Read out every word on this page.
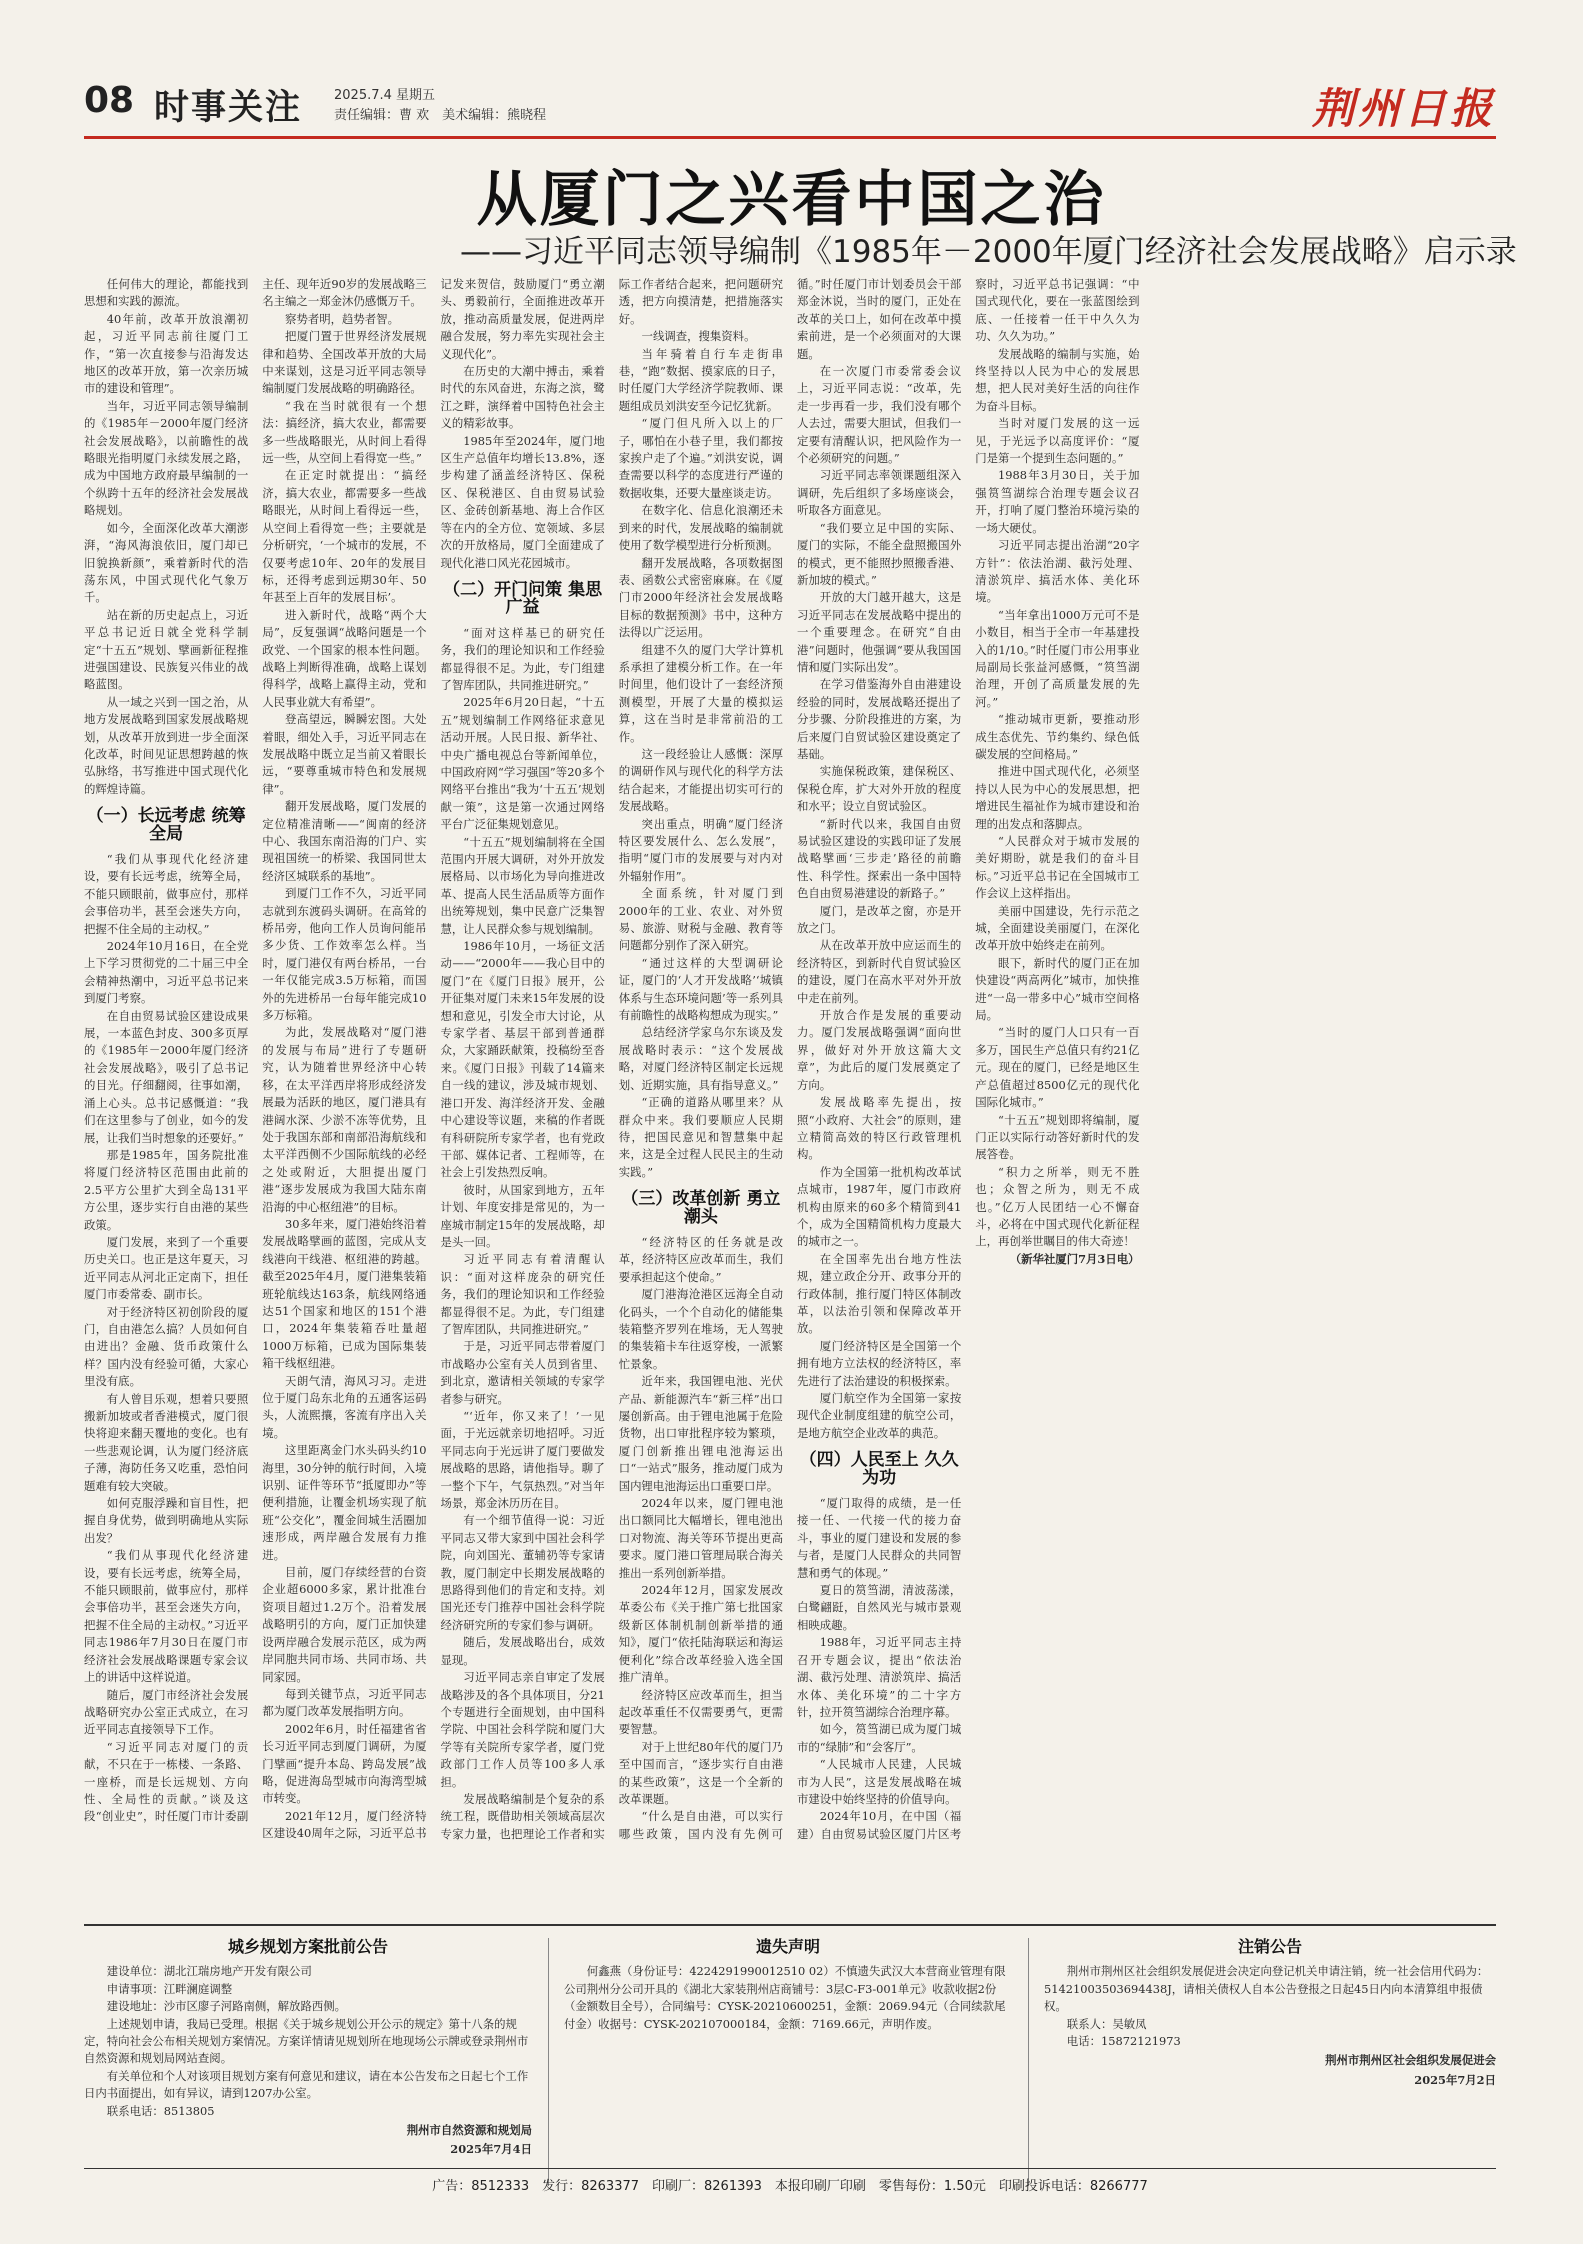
08 时事关注 2025.7.4 星期五
责任编辑：曹 欢　美术编辑：熊晓程	荆州日报
从厦门之兴看中国之治
——习近平同志领导编制《1985年－2000年厦门经济社会发展战略》启示录

任何伟大的理论，都能找到思想和实践的源流。

40年前，改革开放浪潮初起，习近平同志前往厦门工作，“第一次直接参与沿海发达地区的改革开放，第一次亲历城市的建设和管理”。

当年，习近平同志领导编制的《1985年－2000年厦门经济社会发展战略》，以前瞻性的战略眼光指明厦门永续发展之路，成为中国地方政府最早编制的一个纵跨十五年的经济社会发展战略规划。

如今，全面深化改革大潮澎湃，“海风海浪依旧，厦门却已旧貌换新颜”，乘着新时代的浩荡东风，中国式现代化气象万千。

站在新的历史起点上，习近平总书记近日就全党科学制定“十五五”规划、擘画新征程推进强国建设、民族复兴伟业的战略蓝图。

从一域之兴到一国之治，从地方发展战略到国家发展战略规划，从改革开放到进一步全面深化改革，时间见证思想跨越的恢弘脉络，书写推进中国式现代化的辉煌诗篇。

（一）长远考虑 统筹全局

“我们从事现代化经济建设，要有长远考虑，统筹全局，不能只顾眼前，做事应付，那样会事倍功半，甚至会迷失方向，把握不住全局的主动权。”

2024年10月16日，在全党上下学习贯彻党的二十届三中全会精神热潮中，习近平总书记来到厦门考察。

在自由贸易试验区建设成果展，一本蓝色封皮、300多页厚的《1985年－2000年厦门经济社会发展战略》，吸引了总书记的目光。仔细翻阅，往事如潮，涌上心头。总书记感慨道：“我们在这里参与了创业，如今的发展，让我们当时想象的还要好。”

那是1985年，国务院批准将厦门经济特区范围由此前的2.5平方公里扩大到全岛131平方公里，逐步实行自由港的某些政策。

厦门发展，来到了一个重要历史关口。也正是这年夏天，习近平同志从河北正定南下，担任厦门市委常委、副市长。

对于经济特区初创阶段的厦门，自由港怎么搞？人员如何自由进出？金融、货币政策什么样？国内没有经验可循，大家心里没有底。

有人曾目乐观，想着只要照搬新加坡或者香港模式，厦门很快将迎来翻天覆地的变化。也有一些悲观论调，认为厦门经济底子薄，海防任务又吃重，恐怕问题难有较大突破。

如何克服浮躁和盲目性，把握自身优势，做到明确地从实际出发？

“我们从事现代化经济建设，要有长远考虑，统筹全局，不能只顾眼前，做事应付，那样会事倍功半，甚至会迷失方向，把握不住全局的主动权。”习近平同志1986年7月30日在厦门市经济社会发展战略课题专家会议上的讲话中这样说道。

随后，厦门市经济社会发展战略研究办公室正式成立，在习近平同志直接领导下工作。

“习近平同志对厦门的贡献，不只在于一栋楼、一条路、一座桥，而是长远规划、方向性、全局性的贡献。”谈及这段“创业史”，时任厦门市计委副主任、现年近90岁的发展战略三名主编之一郑金沐仍感慨万千。

察势者明，趋势者智。

把厦门置于世界经济发展规律和趋势、全国改革开放的大局中来谋划，这是习近平同志领导编制厦门发展战略的明确路径。

“我在当时就很有一个想法：搞经济，搞大农业，都需要多一些战略眼光，从时间上看得远一些，从空间上看得宽一些。”

在正定时就提出：“搞经济，搞大农业，都需要多一些战略眼光，从时间上看得远一些，从空间上看得宽一些；主要就是分析研究，‘一个城市的发展，不仅要考虑10年、20年的发展目标，还得考虑到远期30年、50年甚至上百年的发展目标’。

进入新时代，战略“两个大局”，反复强调“战略问题是一个政党、一个国家的根本性问题。战略上判断得准确，战略上谋划得科学，战略上赢得主动，党和人民事业就大有希望”。

登高望远，瞬瞬宏图。大处着眼，细处入手，习近平同志在发展战略中既立足当前又着眼长远，“要尊重城市特色和发展规律”。

翻开发展战略，厦门发展的定位精准清晰——“闽南的经济中心、我国东南沿海的门户、实现祖国统一的桥梁、我国同世太经济区城联系的基地”。

到厦门工作不久，习近平同志就到东渡码头调研。在高耸的桥吊旁，他向工作人员询问能吊多少货、工作效率怎么样。当时，厦门港仅有两台桥吊，一台一年仅能完成3.5万标箱，而国外的先进桥吊一台每年能完成10多万标箱。

为此，发展战略对“厦门港的发展与布局”进行了专题研究，认为随着世界经济中心转移，在太平洋西岸将形成经济发展最为活跃的地区，厦门港具有港阔水深、少淤不冻等优势，且处于我国东部和南部沿海航线和太平洋西侧不少国际航线的必经之处或附近，大胆提出厦门港“逐步发展成为我国大陆东南沿海的中心枢纽港”的目标。

30多年来，厦门港始终沿着发展战略擘画的蓝图，完成从支线港向干线港、枢纽港的跨越。截至2025年4月，厦门港集装箱班轮航线达163条，航线网络通达51个国家和地区的151个港口，2024年集装箱吞吐量超1000万标箱，已成为国际集装箱干线枢纽港。

天朗气清，海风习习。走进位于厦门岛东北角的五通客运码头，人流熙攘，客流有序出入关境。

这里距离金门水头码头约10海里，30分钟的航行时间，入境识别、证件等环节“抵厦即办”等便利措施，让覆金机场实现了航班“公交化”，覆金间城生活圈加速形成，两岸融合发展有力推进。

目前，厦门存续经营的台资企业超6000多家，累计批准台资项目超过1.2万个。沿着发展战略明引的方向，厦门正加快建设两岸融合发展示范区，成为两岸同胞共同市场、共同市场、共同家园。

每到关键节点，习近平同志都为厦门改革发展指明方向。

2002年6月，时任福建省省长习近平同志到厦门调研，为厦门擘画“提升本岛、跨岛发展”战略，促进海岛型城市向海湾型城市转变。

2021年12月，厦门经济特区建设40周年之际，习近平总书记发来贺信，鼓励厦门“勇立潮头、勇毅前行，全面推进改革开放，推动高质量发展，促进两岸融合发展，努力率先实现社会主义现代化”。

在历史的大潮中搏击，乘着时代的东风奋进，东海之滨，鹭江之畔，演绎着中国特色社会主义的精彩故事。

1985年至2024年，厦门地区生产总值年均增长13.8%，逐步构建了涵盖经济特区、保税区、保税港区、自由贸易试验区、金砖创新基地、海上合作区等在内的全方位、宽领域、多层次的开放格局，厦门全面建成了现代化港口风光花园城市。

（二）开门问策 集思广益

“面对这样基已的研究任务，我们的理论知识和工作经验都显得很不足。为此，专门组建了智库团队，共同推进研究。”

2025年6月20日起，“十五五”规划编制工作网络征求意见活动开展。人民日报、新华社、中央广播电视总台等新闻单位，中国政府网“学习强国”等20多个网络平台推出“我为‘十五五’规划献一策”，这是第一次通过网络平台广泛征集规划意见。

“十五五”规划编制将在全国范围内开展大调研，对外开放发展格局、以市场化为导向推进改革、提高人民生活品质等方面作出统筹规划，集中民意广泛集智慧，让人民群众参与规划编制。

1986年10月，一场征文活动——“2000年——我心目中的厦门”在《厦门日报》展开，公开征集对厦门未来15年发展的设想和意见，引发全市大讨论，从专家学者、基层干部到普通群众，大家踊跃献策，投稿纷至沓来。《厦门日报》刊载了14篇来自一线的建议，涉及城市规划、港口开发、海洋经济开发、金融中心建设等议题，来稿的作者既有科研院所专家学者，也有党政干部、媒体记者、工程师等，在社会上引发热烈反响。

彼时，从国家到地方，五年计划、年度安排是常见的，为一座城市制定15年的发展战略，却是头一回。

习近平同志有着清醒认识：“面对这样庞杂的研究任务，我们的理论知识和工作经验都显得很不足。为此，专门组建了智库团队，共同推进研究。”

于是，习近平同志带着厦门市战略办公室有关人员到省里、到北京，邀请相关领域的专家学者参与研究。

“‘近年，你又来了！’一见面，于光远就亲切地招呼。习近平同志向于光远讲了厦门要做发展战略的思路，请他指导。聊了一整个下午，气氛热烈。”对当年场景，郑金沐历历在目。

有一个细节值得一说：习近平同志又带大家到中国社会科学院，向刘国光、董辅礽等专家请教，厦门制定中长期发展战略的思路得到他们的肯定和支持。刘国光还专门推荐中国社会科学院经济研究所的专家们参与调研。

随后，发展战略出台，成效显现。

习近平同志亲自审定了发展战略涉及的各个具体项目，分21个专题进行全面规划，由中国科学院、中国社会科学院和厦门大学等有关院所专家学者，厦门党政部门工作人员等100多人承担。

发展战略编制是个复杂的系统工程，既借助相关领域高层次专家力量，也把理论工作者和实际工作者结合起来，把问题研究透，把方向摸清楚，把措施落实好。

一线调查，搜集资料。

当年骑着自行车走街串巷，“跑”数据、摸家底的日子，时任厦门大学经济学院教师、课题组成员刘洪安至今记忆犹新。

“厦门但凡所入以上的厂子，哪怕在小巷子里，我们都按家挨户走了个遍。”刘洪安说，调查需要以科学的态度进行严谨的数据收集，还要大量座谈走访。

在数字化、信息化浪潮还未到来的时代，发展战略的编制就使用了数学模型进行分析预测。

翻开发展战略，各项数据图表、函数公式密密麻麻。在《厦门市2000年经济社会发展战略目标的数据预测》书中，这种方法得以广泛运用。

组建不久的厦门大学计算机系承担了建模分析工作。在一年时间里，他们设计了一套经济预测模型，开展了大量的模拟运算，这在当时是非常前沿的工作。

这一段经验让人感慨：深厚的调研作风与现代化的科学方法结合起来，才能提出切实可行的发展战略。

突出重点，明确“厦门经济特区要发展什么、怎么发展”，指明“厦门市的发展要与对内对外辐射作用”。

全面系统，针对厦门到2000年的工业、农业、对外贸易、旅游、财税与金融、教育等问题都分别作了深入研究。

“通过这样的大型调研论证，厦门的‘人才开发战略’‘城镇体系与生态环境问题’等一系列具有前瞻性的战略构想成为现实。”

总结经济学家乌尔东谈及发展战略时表示：“这个发展战略，对厦门经济特区制定长远规划、近期实施，具有指导意义。”

“正确的道路从哪里来？从群众中来。我们要顺应人民期待，把国民意见和智慧集中起来，这是全过程人民民主的生动实践。”

（三）改革创新 勇立潮头

“经济特区的任务就是改革，经济特区应改革而生，我们要承担起这个使命。”

厦门港海沧港区远海全自动化码头，一个个自动化的储能集装箱整齐罗列在堆场，无人驾驶的集装箱卡车往返穿梭，一派繁忙景象。

近年来，我国锂电池、光伏产品、新能源汽车“新三样”出口屡创新高。由于锂电池属于危险货物，出口审批程序较为繁琐，厦门创新推出锂电池海运出口“一站式”服务，推动厦门成为国内锂电池海运出口重要口岸。

2024年以来，厦门锂电池出口额同比大幅增长，锂电池出口对物流、海关等环节提出更高要求。厦门港口管理局联合海关推出一系列创新举措。

2024年12月，国家发展改革委公布《关于推广第七批国家级新区体制机制创新举措的通知》，厦门“依托陆海联运和海运便利化”综合改革经验入选全国推广清单。

经济特区应改革而生，担当起改革重任不仅需要勇气，更需要智慧。

对于上世纪80年代的厦门乃至中国而言，“逐步实行自由港的某些政策”，这是一个全新的改革课题。

“什么是自由港，可以实行哪些政策，国内没有先例可循。”时任厦门市计划委员会干部郑金沐说，当时的厦门，正处在改革的关口上，如何在改革中摸索前进，是一个必须面对的大课题。

在一次厦门市委常委会议上，习近平同志说：“改革，先走一步再看一步，我们没有哪个人去过，需要大胆试，但我们一定要有清醒认识，把风险作为一个必须研究的问题。”

习近平同志率领课题组深入调研，先后组织了多场座谈会，听取各方面意见。

“我们要立足中国的实际、厦门的实际，不能全盘照搬国外的模式，更不能照抄照搬香港、新加坡的模式。”

开放的大门越开越大，这是习近平同志在发展战略中提出的一个重要理念。在研究“自由港”问题时，他强调“要从我国国情和厦门实际出发”。

在学习借鉴海外自由港建设经验的同时，发展战略还提出了分步骤、分阶段推进的方案，为后来厦门自贸试验区建设奠定了基础。

实施保税政策，建保税区、保税仓库，扩大对外开放的程度和水平；设立自贸试验区。

“新时代以来，我国自由贸易试验区建设的实践印证了发展战略擘画‘三步走’路径的前瞻性、科学性。探索出一条中国特色自由贸易港建设的新路子。”

厦门，是改革之窗，亦是开放之门。

从在改革开放中应运而生的经济特区，到新时代自贸试验区的建设，厦门在高水平对外开放中走在前列。

开放合作是发展的重要动力。厦门发展战略强调“面向世界，做好对外开放这篇大文章”，为此后的厦门发展奠定了方向。

发展战略率先提出，按照“小政府、大社会”的原则，建立精简高效的特区行政管理机构。

作为全国第一批机构改革试点城市，1987年，厦门市政府机构由原来的60多个精简到41个，成为全国精简机构力度最大的城市之一。

在全国率先出台地方性法规，建立政企分开、政事分开的行政体制，推行厦门特区体制改革，以法治引领和保障改革开放。

厦门经济特区是全国第一个拥有地方立法权的经济特区，率先进行了法治建设的积极探索。

厦门航空作为全国第一家按现代企业制度组建的航空公司，是地方航空企业改革的典范。

（四）人民至上 久久为功

“厦门取得的成绩，是一任接一任、一代接一代的接力奋斗，事业的厦门建设和发展的参与者，是厦门人民群众的共同智慧和勇气的体现。”

夏日的筼筜湖，清波荡漾，白鹭翩跹，自然风光与城市景观相映成趣。

1988年，习近平同志主持召开专题会议，提出“依法治湖、截污处理、清淤筑岸、搞活水体、美化环境”的二十字方针，拉开筼筜湖综合治理序幕。

如今，筼筜湖已成为厦门城市的“绿肺”和“会客厅”。

“人民城市人民建，人民城市为人民”，这是发展战略在城市建设中始终坚持的价值导向。

2024年10月，在中国（福建）自由贸易试验区厦门片区考察时，习近平总书记强调：“中国式现代化，要在一张蓝图绘到底、一任接着一任干中久久为功、久久为功。”

发展战略的编制与实施，始终坚持以人民为中心的发展思想，把人民对美好生活的向往作为奋斗目标。

当时对厦门发展的这一远见，于光远予以高度评价：“厦门是第一个提到生态问题的。”

1988年3月30日，关于加强筼筜湖综合治理专题会议召开，打响了厦门整治环境污染的一场大硬仗。

习近平同志提出治湖“20字方针”：依法治湖、截污处理、清淤筑岸、搞活水体、美化环境。

“当年拿出1000万元可不是小数目，相当于全市一年基建投入的1/10。”时任厦门市公用事业局副局长张益河感慨，“筼筜湖治理，开创了高质量发展的先河。”

“推动城市更新，要推动形成生态优先、节约集约、绿色低碳发展的空间格局。”

推进中国式现代化，必须坚持以人民为中心的发展思想，把增进民生福祉作为城市建设和治理的出发点和落脚点。

“人民群众对于城市发展的美好期盼，就是我们的奋斗目标。”习近平总书记在全国城市工作会议上这样指出。

美丽中国建设，先行示范之城，全面建设美丽厦门，在深化改革开放中始终走在前列。

眼下，新时代的厦门正在加快建设“两高两化”城市，加快推进“一岛一带多中心”城市空间格局。

“当时的厦门人口只有一百多万，国民生产总值只有约21亿元。现在的厦门，已经是地区生产总值超过8500亿元的现代化国际化城市。”

“十五五”规划即将编制，厦门正以实际行动答好新时代的发展答卷。

“积力之所举，则无不胜也；众智之所为，则无不成也。”亿万人民团结一心不懈奋斗，必将在中国式现代化新征程上，再创举世瞩目的伟大奇迹！

（新华社厦门7月3日电）

城乡规划方案批前公告

建设单位：湖北江瑞房地产开发有限公司

申请事项：江畔澜庭调整

建设地址：沙市区廖子河路南侧，解放路西侧。

上述规划申请，我局已受理。根据《关于城乡规划公开公示的规定》第十八条的规定，特向社会公布相关规划方案情况。方案详情请见规划所在地现场公示牌或登录荆州市自然资源和规划局网站查阅。

有关单位和个人对该项目规划方案有何意见和建议，请在本公告发布之日起七个工作日内书面提出，如有异议，请到1207办公室。

联系电话：8513805

荆州市自然资源和规划局

2025年7月4日

遗失声明

何鑫燕（身份证号：4224291990012510 02）不慎遗失武汉大本营商业管理有限公司荆州分公司开具的《湖北大家装荆州店商铺号：3层C-F3-001单元》收款收据2份（金额数目全号），合同编号：CYSK-20210600251，金额：2069.94元（合同续款尾付金）收据号：CYSK-202107000184，金额：7169.66元，声明作废。

注销公告

荆州市荆州区社会组织发展促进会决定向登记机关申请注销，统一社会信用代码为：51421003503694438J，请相关债权人自本公告登报之日起45日内向本清算组申报债权。

联系人：吴敏凤

电话：15872121973

荆州市荆州区社会组织发展促进会

2025年7月2日

广告：8512333　发行：8263377　印刷厂：8261393　本报印刷厂印刷　零售每份：1.50元　印刷投诉电话：8266777
